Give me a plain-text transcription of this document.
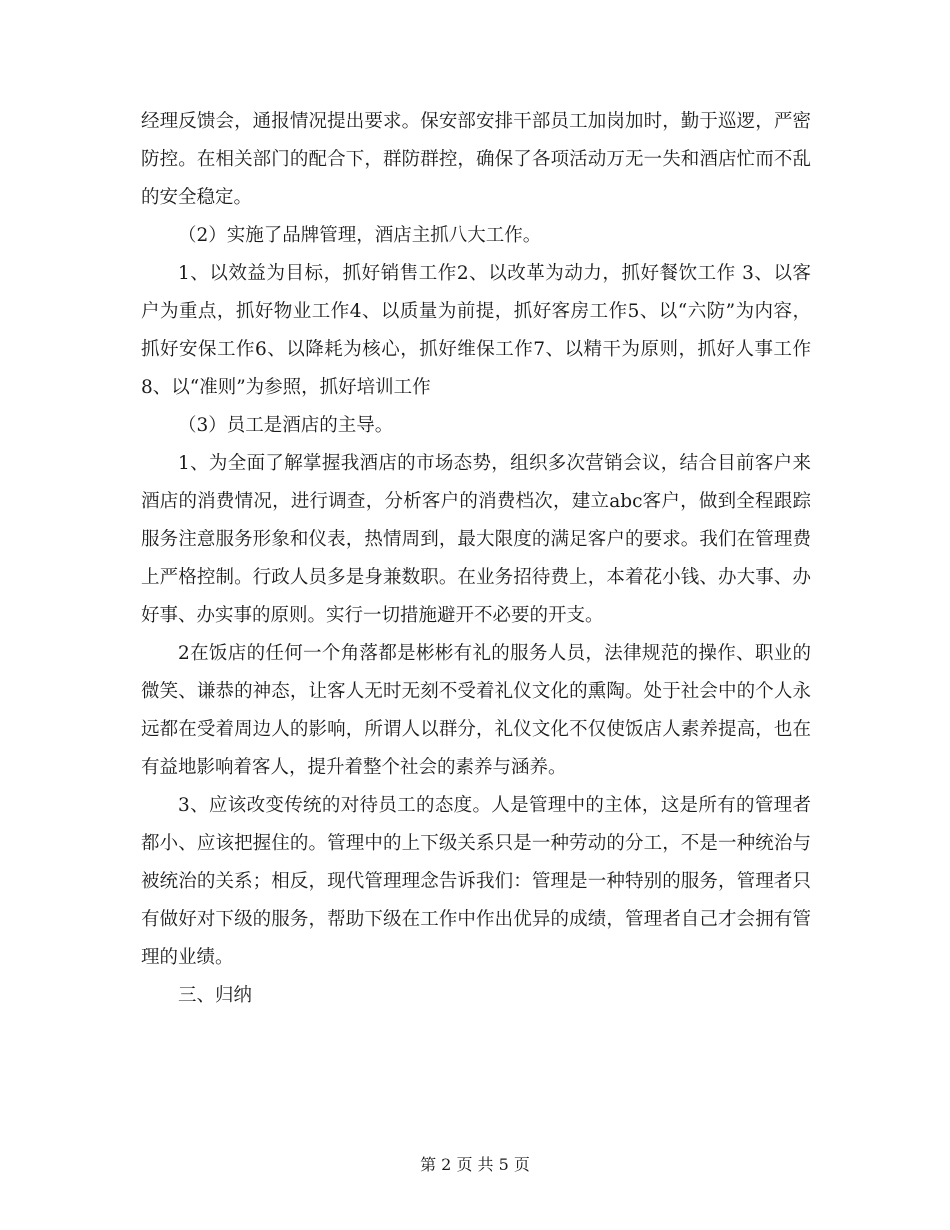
经理反馈会，通报情况提出要求。保安部安排干部员工加岗加时，勤于巡逻，严密防控。在相关部门的配合下，群防群控，确保了各项活动万无一失和酒店忙而不乱的安全稳定。

（2）实施了品牌管理，酒店主抓八大工作。

1、以效益为目标，抓好销售工作2、以改革为动力，抓好餐饮工作 3、以客户为重点，抓好物业工作4、以质量为前提，抓好客房工作5、以“六防”为内容，抓好安保工作6、以降耗为核心，抓好维保工作7、以精干为原则，抓好人事工作8、以“准则”为参照，抓好培训工作

（3）员工是酒店的主导。

1、为全面了解掌握我酒店的市场态势，组织多次营销会议，结合目前客户来酒店的消费情况，进行调查，分析客户的消费档次，建立abc客户，做到全程跟踪服务注意服务形象和仪表，热情周到，最大限度的满足客户的要求。我们在管理费上严格控制。行政人员多是身兼数职。在业务招待费上，本着花小钱、办大事、办好事、办实事的原则。实行一切措施避开不必要的开支。

2在饭店的任何一个角落都是彬彬有礼的服务人员，法律规范的操作、职业的微笑、谦恭的神态，让客人无时无刻不受着礼仪文化的熏陶。处于社会中的个人永远都在受着周边人的影响，所谓人以群分，礼仪文化不仅使饭店人素养提高，也在有益地影响着客人，提升着整个社会的素养与涵养。

3、应该改变传统的对待员工的态度。人是管理中的主体，这是所有的管理者都小、应该把握住的。管理中的上下级关系只是一种劳动的分工，不是一种统治与被统治的关系；相反，现代管理理念告诉我们：管理是一种特别的服务，管理者只有做好对下级的服务，帮助下级在工作中作出优异的成绩，管理者自己才会拥有管理的业绩。

三、归纳

第 2 页 共 5 页
